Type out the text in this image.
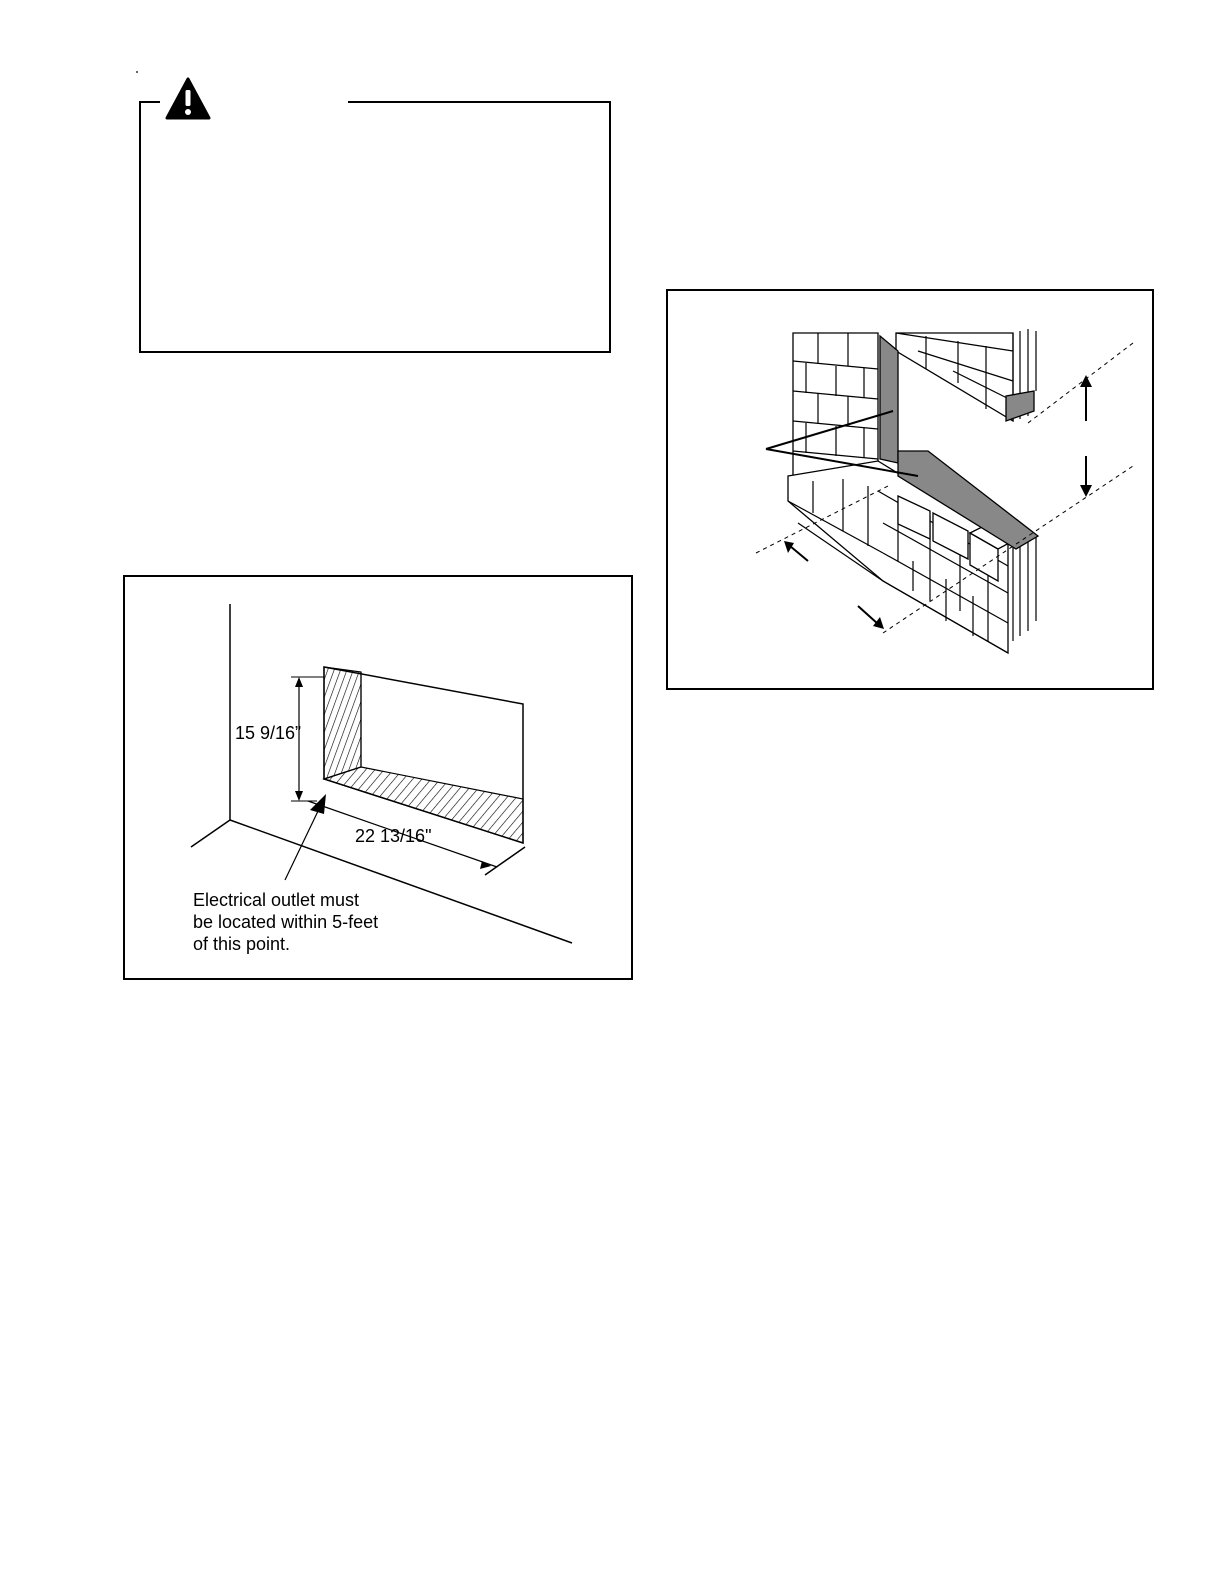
15 9/16”
22 13/16"
Electrical outlet must
be located within 5-feet
of this point.
